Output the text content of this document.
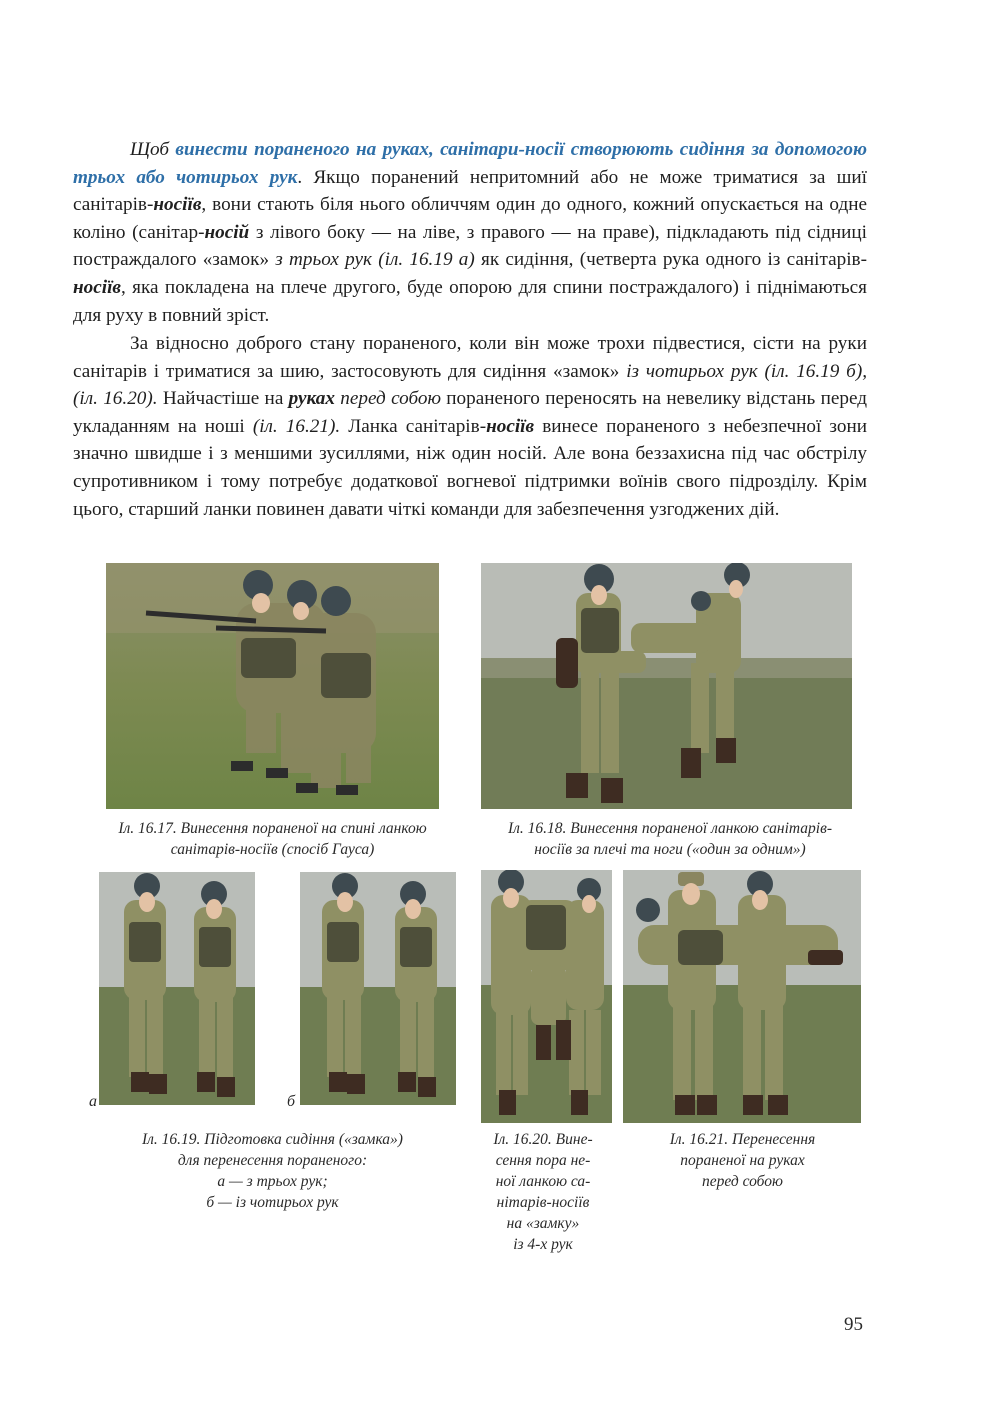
Щоб винести пораненого на руках, санітари-носії створюють сидіння за допомогою трьох або чотирьох рук. Якщо поранений непритомний або не може триматися за шиї санітарів-носіїв, вони стають біля нього обличчям один до одного, кожний опускається на одне коліно (санітар-носій з лівого боку — на ліве, з правого — на праве), підкладають під сідниці постраждалого «замок» з трьох рук (іл. 16.19 а) як сидіння, (четверта рука одного із санітарів-носіїв, яка покладена на плече другого, буде опорою для спини постраждалого) і піднімаються для руху в повний зріст.

За відносно доброго стану пораненого, коли він може трохи підвестися, сісти на руки санітарів і триматися за шию, застосовують для сидіння «замок» із чотирьох рук (іл. 16.19 б), (іл. 16.20). Найчастіше на руках перед собою пораненого переносять на невелику відстань перед укладанням на ноші (іл. 16.21). Ланка санітарів-носіїв винесе пораненого з небезпечної зони значно швидше і з меншими зусиллями, ніж один носій. Але вона беззахисна під час обстрілу супротивником і тому потребує додаткової вогневої підтримки воїнів свого підрозділу. Крім цього, старший ланки повинен давати чіткі команди для забезпечення узгоджених дій.

Іл. 16.17. Винесення пораненої на спині ланкою
санітарів-носіїв (спосіб Гауса)

Іл. 16.18. Винесення пораненої ланкою санітарів-
носіїв за плечі та ноги («один за одним»)

а	б

Іл. 16.19. Підготовка сидіння («замка»)
для перенесення пораненого:
а — з трьох рук;
б — із чотирьох рук

Іл. 16.20. Вине-
сення пора не-
ної ланкою са-
нітарів-носіїв
на «замку»
із 4-х рук

Іл. 16.21. Перенесення
пораненої на руках
перед собою

95
